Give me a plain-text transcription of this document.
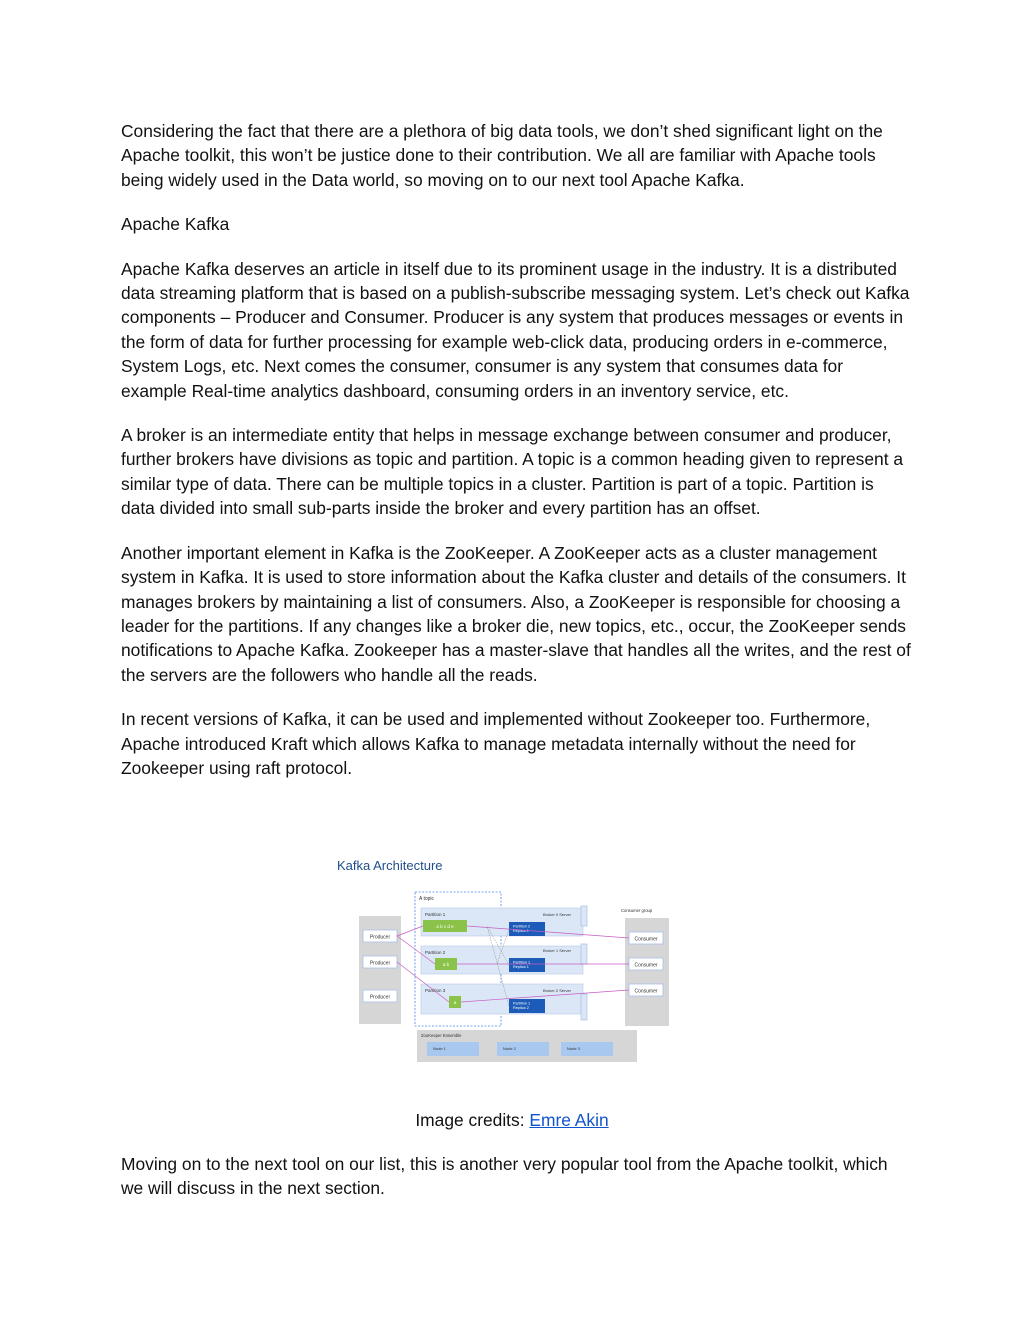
Considering the fact that there are a plethora of big data tools, we don’t shed significant light on the Apache toolkit, this won’t be justice done to their contribution. We all are familiar with Apache tools being widely used in the Data world, so moving on to our next tool Apache Kafka.

Apache Kafka

Apache Kafka deserves an article in itself due to its prominent usage in the industry. It is a distributed data streaming platform that is based on a publish-subscribe messaging system. Let’s check out Kafka components – Producer and Consumer. Producer is any system that produces messages or events in the form of data for further processing for example web-click data, producing orders in e-commerce, System Logs, etc. Next comes the consumer, consumer is any system that consumes data for example Real-time analytics dashboard, consuming orders in an inventory service, etc.

A broker is an intermediate entity that helps in message exchange between consumer and producer, further brokers have divisions as topic and partition. A topic is a common heading given to represent a similar type of data. There can be multiple topics in a cluster. Partition is part of a topic. Partition is data divided into small sub-parts inside the broker and every partition has an offset.

Another important element in Kafka is the ZooKeeper. A ZooKeeper acts as a cluster management system in Kafka. It is used to store information about the Kafka cluster and details of the consumers. It manages brokers by maintaining a list of consumers. Also, a ZooKeeper is responsible for choosing a leader for the partitions. If any changes like a broker die, new topics, etc., occur, the ZooKeeper sends notifications to Apache Kafka. Zookeeper has a master-slave that handles all the writes, and the rest of the servers are the followers who handle all the reads.

In recent versions of Kafka, it can be used and implemented without Zookeeper too. Furthermore, Apache introduced Kraft which allows Kafka to manage metadata internally without the need for Zookeeper using raft protocol.

Kafka Architecture
Producer
Producer
Producer
A topic
Partition 1
Partition 2
Partition 3
a b c d e
a b
a
Partition 2 Replica 1
Partition 1 Replica 1
Partition 1 Replica 2
Broker 0 Server
Broker 1 Server
Broker 2 Server
Consumer group
Consumer
Consumer
Consumer
ZooKeeper Ensemble
Node 1	Node 2	Node 3
Image credits: Emre Akin

Moving on to the next tool on our list, this is another very popular tool from the Apache toolkit, which we will discuss in the next section.
